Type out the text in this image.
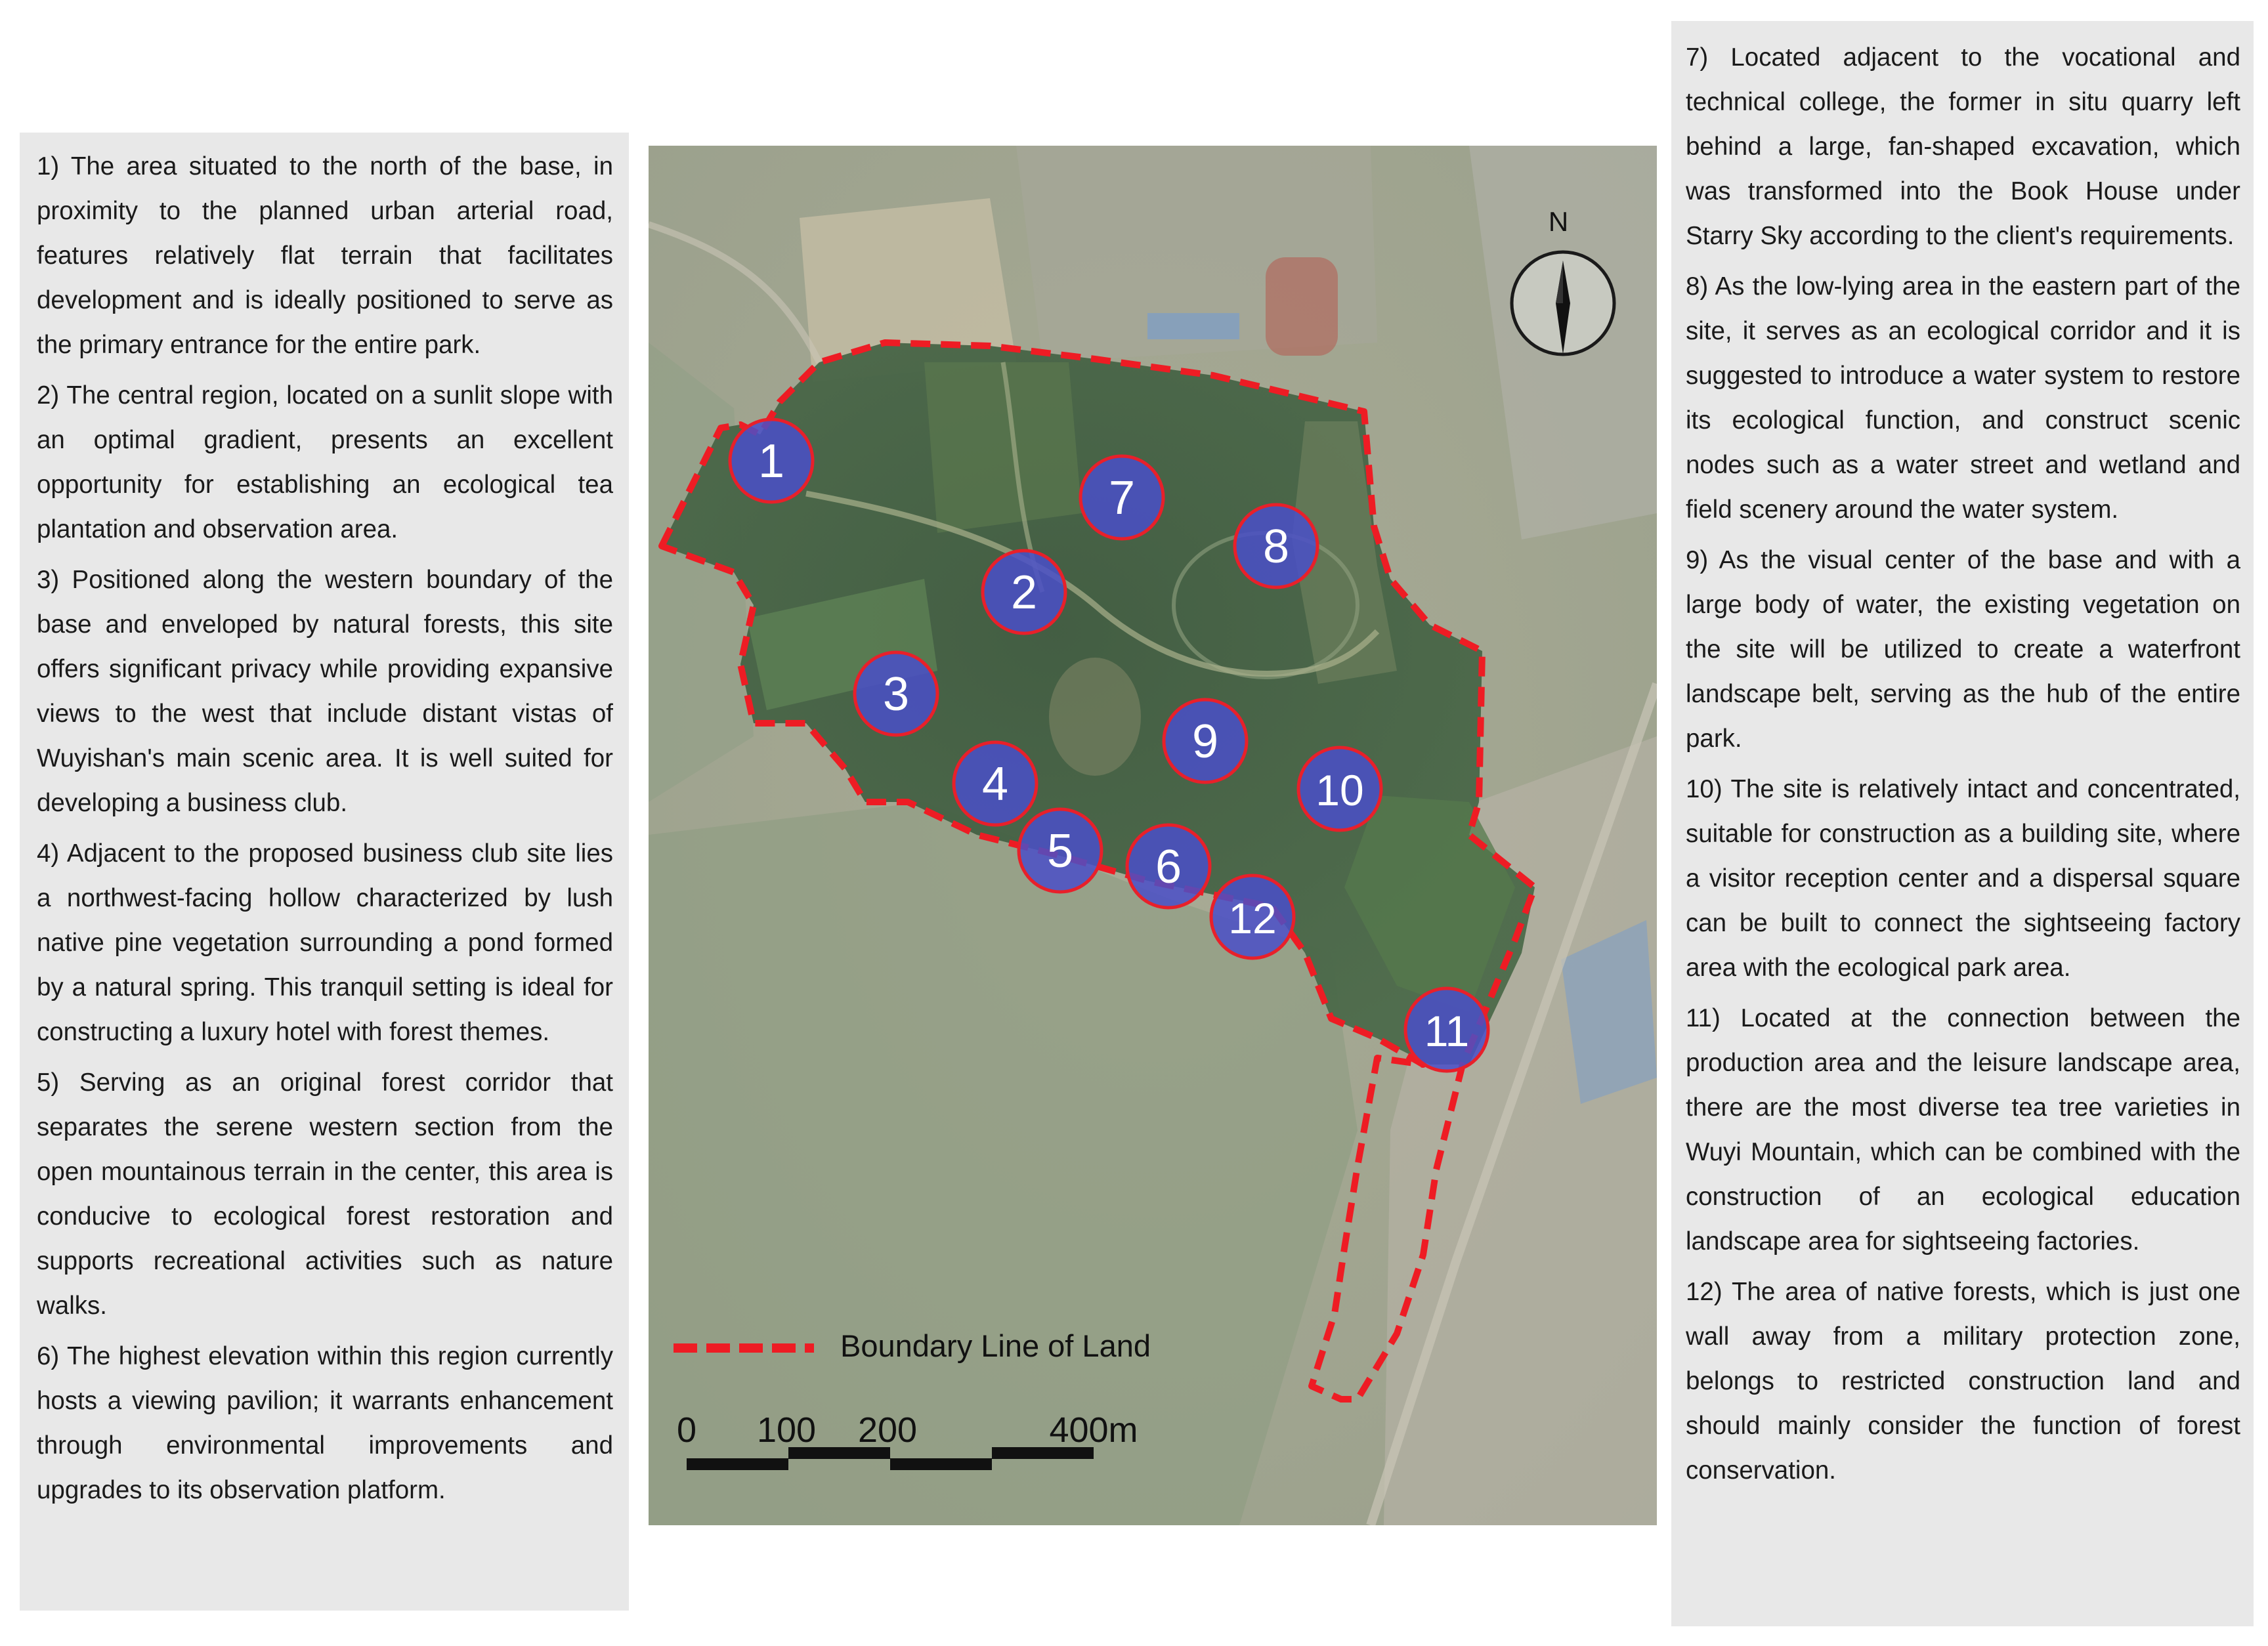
1) The area situated to the north of the base, in proximity to the planned urban arterial road, features relatively flat terrain that facilitates development and is ideally positioned to serve as the primary entrance for the entire park.

2) The central region, located on a sunlit slope with an optimal gradient, presents an excellent opportunity for establishing an ecological tea plantation and observation area.

3) Positioned along the western boundary of the base and enveloped by natural forests, this site offers significant privacy while providing expansive views to the west that include distant vistas of Wuyishan's main scenic area. It is well suited for developing a business club.

4) Adjacent to the proposed business club site lies a northwest-facing hollow characterized by lush native pine vegetation surrounding a pond formed by a natural spring. This tranquil setting is ideal for constructing a luxury hotel with forest themes.

5) Serving as an original forest corridor that separates the serene western section from the open mountainous terrain in the center, this area is conducive to ecological forest restoration and supports recreational activities such as nature walks.

6) The highest elevation within this region currently hosts a viewing pavilion; it warrants enhancement through environmental improvements and upgrades to its observation platform.

7) Located adjacent to the vocational and technical college, the former in situ quarry left behind a large, fan-shaped excavation, which was transformed into the Book House under Starry Sky according to the client's requirements.

8) As the low-lying area in the eastern part of the site, it serves as an ecological corridor and it is suggested to introduce a water system to restore its ecological function, and construct scenic nodes such as a water street and wetland and field scenery around the water system.

9) As the visual center of the base and with a large body of water, the existing vegetation on the site will be utilized to create a waterfront landscape belt, serving as the hub of the entire park.

10) The site is relatively intact and concentrated, suitable for construction as a building site, where a visitor reception center and a dispersal square can be built to connect the sightseeing factory area with the ecological park area.

11) Located at the connection between the production area and the leisure landscape area, there are the most diverse tea tree varieties in Wuyi Mountain, which can be combined with the construction of an ecological education landscape area for sightseeing factories.

12) The area of native forests, which is just one wall away from a military protection zone, belongs to restricted construction land and should mainly consider the function of forest conservation.

1
2
3
4
5 6
7
8
9
10
11
12
N
Boundary Line of Land
0 100 200	400m
